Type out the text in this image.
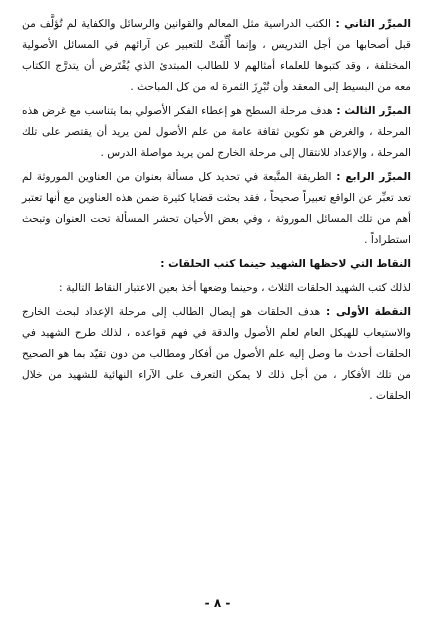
المبرِّر الثاني : الكتب الدراسية مثل المعالم والقوانين والرسائل والكفاية لم تُؤلَّف من قبل أصحابها من أجل التدريس ، وإنما أُلِّفَتْ للتعبير عن آرائهم في المسائل الأصولية المختلفة ، وقد كتبوها للعلماء أمثالهم لا للطالب المبتدئ الذي يُفْتَرض أن يتدرَّج الكتاب معه من البسيط إلى المعقد وأن تُبْرِزَ الثمرة له من كل المباحث .

المبرِّر الثالث : هدف مرحلة السطح هو إعطاء الفكر الأصولي بما يتناسب مع غرض هذه المرحلة ، والغرض هو تكوين ثقافة عامة من علم الأصول لمن يريد أن يقتصر على تلك المرحلة ، والإعداد للانتقال إلى مرحلة الخارج لمن يريد مواصلة الدرس .

المبرِّر الرابع : الطريقة المتَّبعة في تحديد كل مسألة بعنوان من العناوين الموروثة لم تعد تعبِّر عن الواقع تعبيراً صحيحاً ، فقد بحثت قضايا كثيرة ضمن هذه العناوين مع أنها تعتبر أهم من تلك المسائل الموروثة ، وفي بعض الأحيان تحشر المسألة تحت العنوان وتبحث استطراداً .

النقاط التي لاحظها الشهيد حينما كتب الحلقات :

لذلك كتب الشهيد الحلقات الثلاث ، وحينما وضعها أخذ بعين الاعتبار النقاط التالية :

النقطة الأولى : هدف الحلقات هو إيصال الطالب إلى مرحلة الإعداد لبحث الخارج والاستيعاب للهيكل العام لعلم الأصول والدقة في فهم قواعده ، لذلك طرح الشهيد في الحلقات أحدث ما وصل إليه علم الأصول من أفكار ومطالب من دون تقيّد بما هو الصحيح من تلك الأفكار ، من أجل ذلك لا يمكن التعرف على الآراء النهائية للشهيد من خلال الحلقات .

- ٨ -
